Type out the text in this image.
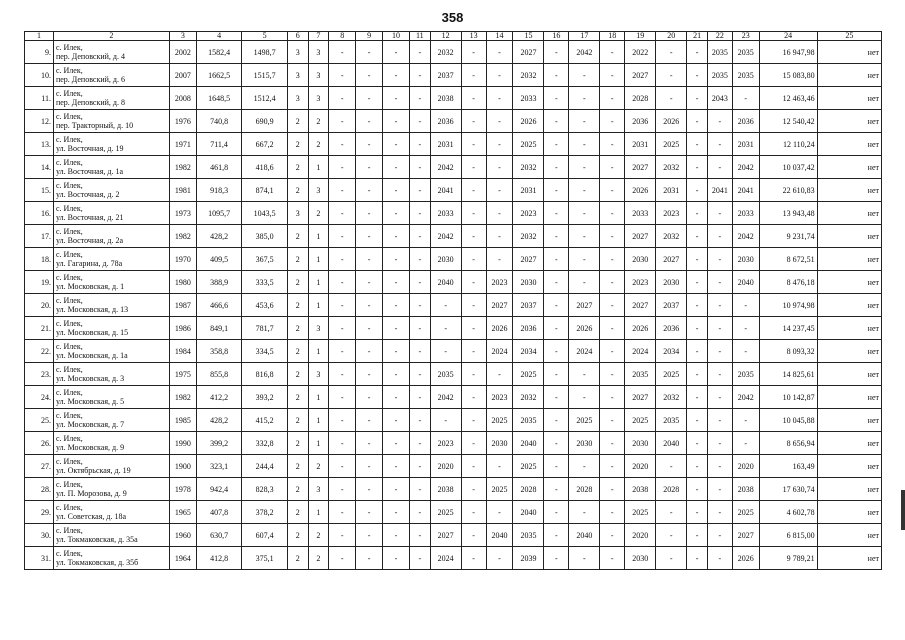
358
1	2	3	4	5	6	7	8	9	10	11	12	13	14	15	16	17	18	19	20	21	22	23	24	25
9.	с. Илек,
пер. Деповский, д. 4	2002	1582,4	1498,7	3	3	-	-	-	-	2032	-	-	2027	-	2042	-	2022	-	-	2035	2035	16 947,98	нет
10.	с. Илек,
пер. Деповский, д. 6	2007	1662,5	1515,7	3	3	-	-	-	-	2037	-	-	2032	-	-	-	2027	-	-	2035	2035	15 083,80	нет
11.	с. Илек,
пер. Деповский, д. 8	2008	1648,5	1512,4	3	3	-	-	-	-	2038	-	-	2033	-	-	-	2028	-	-	2043	-	12 463,46	нет
12.	с. Илек,
пер. Тракторный, д. 10	1976	740,8	690,9	2	2	-	-	-	-	2036	-	-	2026	-	-	-	2036	2026	-	-	2036	12 540,42	нет
13.	с. Илек,
ул. Восточная, д. 19	1971	711,4	667,2	2	2	-	-	-	-	2031	-	-	2025	-	-	-	2031	2025	-	-	2031	12 110,24	нет
14.	с. Илек,
ул. Восточная, д. 1а	1982	461,8	418,6	2	1	-	-	-	-	2042	-	-	2032	-	-	-	2027	2032	-	-	2042	10 037,42	нет
15.	с. Илек,
ул. Восточная, д. 2	1981	918,3	874,1	2	3	-	-	-	-	2041	-	-	2031	-	-	-	2026	2031	-	2041	2041	22 610,83	нет
16.	с. Илек,
ул. Восточная, д. 21	1973	1095,7	1043,5	3	2	-	-	-	-	2033	-	-	2023	-	-	-	2033	2023	-	-	2033	13 943,48	нет
17.	с. Илек,
ул. Восточная, д. 2а	1982	428,2	385,0	2	1	-	-	-	-	2042	-	-	2032	-	-	-	2027	2032	-	-	2042	9 231,74	нет
18.	с. Илек,
ул. Гагарина, д. 78а	1970	409,5	367,5	2	1	-	-	-	-	2030	-	-	2027	-	-	-	2030	2027	-	-	2030	8 672,51	нет
19.	с. Илек,
ул. Московская, д. 1	1980	388,9	333,5	2	1	-	-	-	-	2040	-	2023	2030	-	-	-	2023	2030	-	-	2040	8 476,18	нет
20.	с. Илек,
ул. Московская, д. 13	1987	466,6	453,6	2	1	-	-	-	-	-	-	2027	2037	-	2027	-	2027	2037	-	-	-	10 974,98	нет
21.	с. Илек,
ул. Московская, д. 15	1986	849,1	781,7	2	3	-	-	-	-	-	-	2026	2036	-	2026	-	2026	2036	-	-	-	14 237,45	нет
22.	с. Илек,
ул. Московская, д. 1а	1984	358,8	334,5	2	1	-	-	-	-	-	-	2024	2034	-	2024	-	2024	2034	-	-	-	8 093,32	нет
23.	с. Илек,
ул. Московская, д. 3	1975	855,8	816,8	2	3	-	-	-	-	2035	-	-	2025	-	-	-	2035	2025	-	-	2035	14 825,61	нет
24.	с. Илек,
ул. Московская, д. 5	1982	412,2	393,2	2	1	-	-	-	-	2042	-	2023	2032	-	-	-	2027	2032	-	-	2042	10 142,87	нет
25.	с. Илек,
ул. Московская, д. 7	1985	428,2	415,2	2	1	-	-	-	-	-	-	2025	2035	-	2025	-	2025	2035	-	-	-	10 045,88	нет
26.	с. Илек,
ул. Московская, д. 9	1990	399,2	332,8	2	1	-	-	-	-	2023	-	2030	2040	-	2030	-	2030	2040	-	-	-	8 656,94	нет
27.	с. Илек,
ул. Октябрьская, д. 19	1900	323,1	244,4	2	2	-	-	-	-	2020	-	-	2025	-	-	-	2020	-	-	-	2020	163,49	нет
28.	с. Илек,
ул. П. Морозова, д. 9	1978	942,4	828,3	2	3	-	-	-	-	2038	-	2025	2028	-	2028	-	2038	2028	-	-	2038	17 630,74	нет
29.	с. Илек,
ул. Советская, д. 18а	1965	407,8	378,2	2	1	-	-	-	-	2025	-	-	2040	-	-	-	2025	-	-	-	2025	4 602,78	нет
30.	с. Илек,
ул. Токмаковская, д. 35а	1960	630,7	607,4	2	2	-	-	-	-	2027	-	2040	2035	-	2040	-	2020	-	-	-	2027	6 815,00	нет
31.	с. Илек,
ул. Токмаковская, д. 35б	1964	412,8	375,1	2	2	-	-	-	-	2024	-	-	2039	-	-	-	2030	-	-	-	2026	9 789,21	нет
